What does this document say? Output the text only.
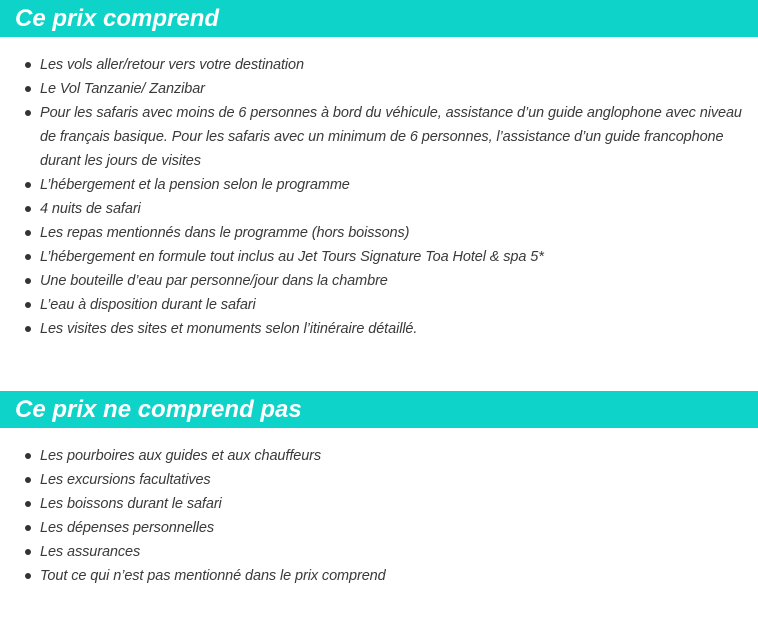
Ce prix comprend
Les vols aller/retour vers votre destination
Le Vol Tanzanie/ Zanzibar
Pour les safaris avec moins de 6 personnes à bord du véhicule, assistance d’un guide anglophone avec niveau de français basique. Pour les safaris avec un minimum de 6 personnes, l’assistance d’un guide francophone durant les jours de visites
L’hébergement et la pension selon le programme
4 nuits de safari
Les repas mentionnés dans le programme (hors boissons)
L’hébergement en formule tout inclus au Jet Tours Signature Toa Hotel & spa 5*
Une bouteille d’eau par personne/jour dans la chambre
L’eau à disposition durant le safari
Les visites des sites et monuments selon l’itinéraire détaillé.
Ce prix ne comprend pas
Les pourboires aux guides et aux chauffeurs
Les excursions facultatives
Les boissons durant le safari
Les dépenses personnelles
Les assurances
Tout ce qui n’est pas mentionné dans le prix comprend
